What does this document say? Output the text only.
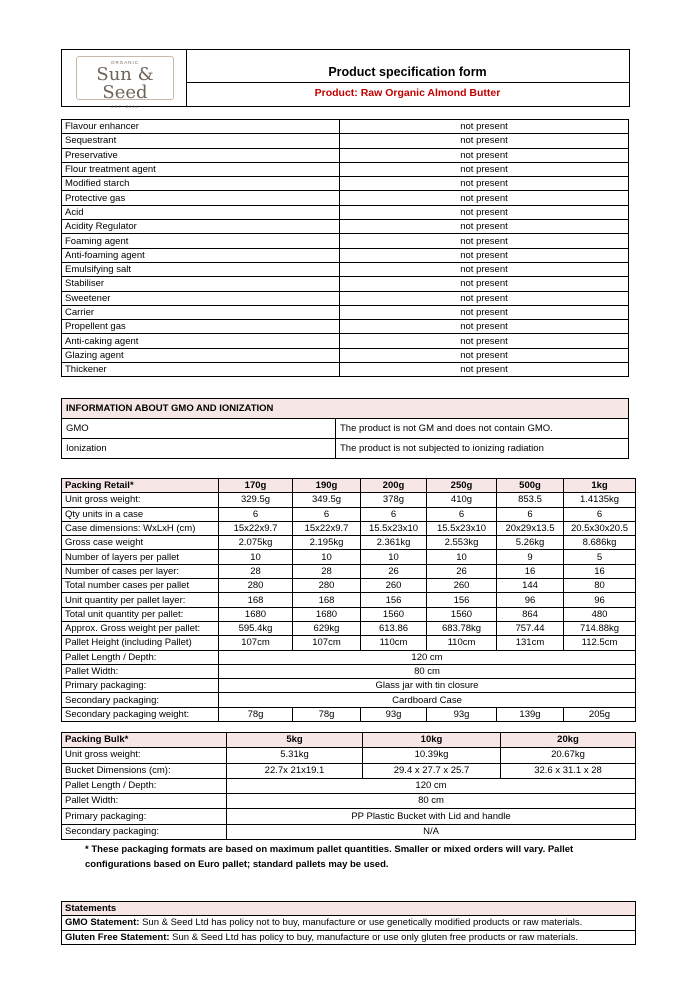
ORGANIC
Sun & Seed
EST. 2004
Product specification form
Product: Raw Organic Almond Butter
Flavour enhancer	not present
Sequestrant	not present
Preservative	not present
Flour treatment agent	not present
Modified starch	not present
Protective gas	not present
Acid	not present
Acidity Regulator	not present
Foaming agent	not present
Anti-foaming agent	not present
Emulsifying salt	not present
Stabiliser	not present
Sweetener	not present
Carrier	not present
Propellent gas	not present
Anti-caking agent	not present
Glazing agent	not present
Thickener	not present
INFORMATION ABOUT GMO AND IONIZATION	
GMO	The product is not GM and does not contain GMO.
Ionization	The product is not subjected to ionizing radiation
Packing Retail*	170g	190g	200g	250g	500g	1kg
Unit gross weight:	329.5g	349.5g	378g	410g	853.5	1.4135kg
Qty units in a case	6	6	6	6	6	6
Case dimensions: WxLxH (cm)	15x22x9.7	15x22x9.7	15.5x23x10	15.5x23x10	20x29x13.5	20.5x30x20.5
Gross case weight	2.075kg	2.195kg	2.361kg	2.553kg	5.26kg	8.686kg
Number of layers per pallet	10	10	10	10	9	5
Number of cases per layer:	28	28	26	26	16	16
Total number cases per pallet	280	280	260	260	144	80
Unit quantity per pallet layer:	168	168	156	156	96	96
Total unit quantity per pallet:	1680	1680	1560	1560	864	480
Approx. Gross weight per pallet:	595.4kg	629kg	613.86	683.78kg	757.44	714.88kg
Pallet Height (including Pallet)	107cm	107cm	110cm	110cm	131cm	112.5cm
Pallet Length / Depth:	120 cm					
Pallet Width:	80 cm					
Primary packaging:	Glass jar with tin closure					
Secondary packaging:	Cardboard Case					
Secondary packaging weight:	78g	78g	93g	93g	139g	205g
Packing Bulk*	5kg	10kg	20kg
Unit gross weight:	5.31kg	10.39kg	20.67kg
Bucket Dimensions (cm):	22.7x 21x19.1	29.4 x 27.7 x 25.7	32.6 x 31.1 x 28
Pallet Length / Depth:	120 cm		
Pallet Width:	80 cm		
Primary packaging:	PP Plastic Bucket with Lid and handle		
Secondary packaging:	N/A		
* These packaging formats are based on maximum pallet quantities. Smaller or mixed orders will vary. Pallet configurations based on Euro pallet; standard pallets may be used.
Statements
GMO Statement: Sun & Seed Ltd has policy not to buy, manufacture or use genetically modified products or raw materials.
Gluten Free Statement: Sun & Seed Ltd has policy to buy, manufacture or use only gluten free products or raw materials.
